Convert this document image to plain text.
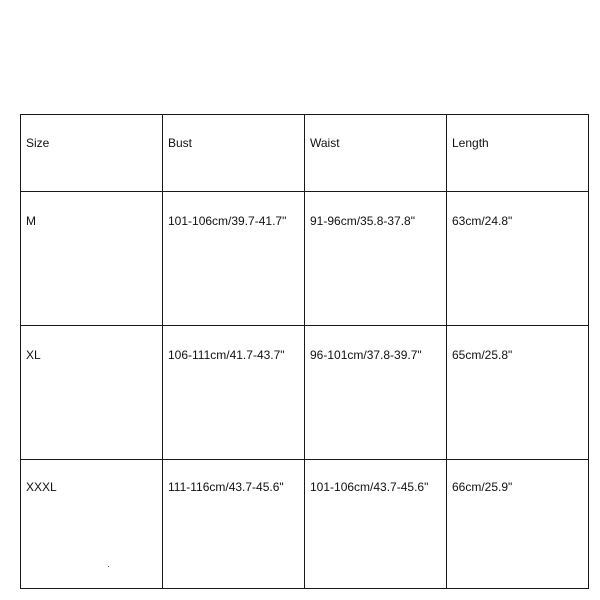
Size	Bust	Waist	Length
M	101-106cm/39.7-41.7"	91-96cm/35.8-37.8"	63cm/24.8"
XL	106-111cm/41.7-43.7"	96-101cm/37.8-39.7"	65cm/25.8"
XXXL	111-116cm/43.7-45.6"	101-106cm/43.7-45.6"	66cm/25.9"
